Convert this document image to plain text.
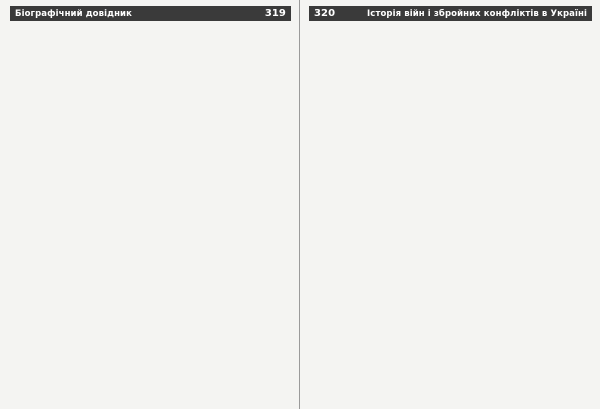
Біографічний довідник	319	320	Історія війн і збройних конфліктів в Україні
